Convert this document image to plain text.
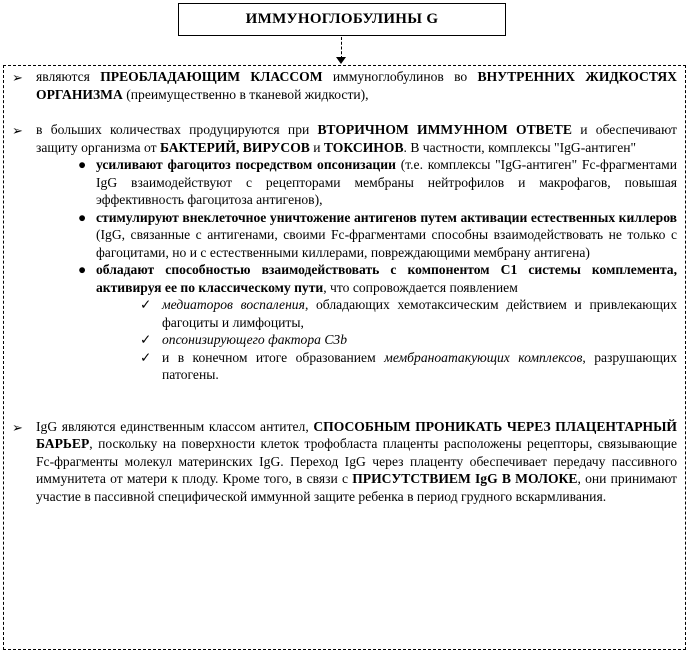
ИММУНОГЛОБУЛИНЫ G

➢ являются ПРЕОБЛАДАЮЩИМ КЛАССОМ иммуноглобулинов во ВНУТРЕННИХ ЖИДКОСТЯХ ОРГАНИЗМА (преимущественно в тканевой жидкости),

➢ в больших количествах продуцируются при ВТОРИЧНОМ ИММУННОМ ОТВЕТЕ и обеспечивают защиту организма от БАКТЕРИЙ, ВИРУСОВ и ТОКСИНОВ. В частности, комплексы "IgG-антиген"
● усиливают фагоцитоз посредством опсонизации (т.е. комплексы "IgG-антиген" Fc-фрагментами IgG взаимодействуют с рецепторами мембраны нейтрофилов и макрофагов, повышая эффективность фагоцитоза антигенов),
● стимулируют внеклеточное уничтожение антигенов путем активации естественных киллеров (IgG, связанные с антигенами, своими Fc-фрагментами способны взаимодействовать не только с фагоцитами, но и с естественными киллерами, повреждающими мембрану антигена)
● обладают способностью взаимодействовать с компонентом С1 системы комплемента, активируя ее по классическому пути, что сопровождается появлением
✓ медиаторов воспаления, обладающих хемотаксическим действием и привлекающих фагоциты и лимфоциты,
✓ опсонизирующего фактора С3b
✓ и в конечном итоге образованием мембраноатакующих комплексов, разрушающих патогены.

➢ IgG являются единственным классом антител, СПОСОБНЫМ ПРОНИКАТЬ ЧЕРЕЗ ПЛАЦЕНТАРНЫЙ БАРЬЕР, поскольку на поверхности клеток трофобласта плаценты расположены рецепторы, связывающие Fc-фрагменты молекул материнских IgG. Переход IgG через плаценту обеспечивает передачу пассивного иммунитета от матери к плоду. Кроме того, в связи с ПРИСУТСТВИЕМ IgG В МОЛОКЕ, они принимают участие в пассивной специфической иммунной защите ребенка в период грудного вскармливания.
